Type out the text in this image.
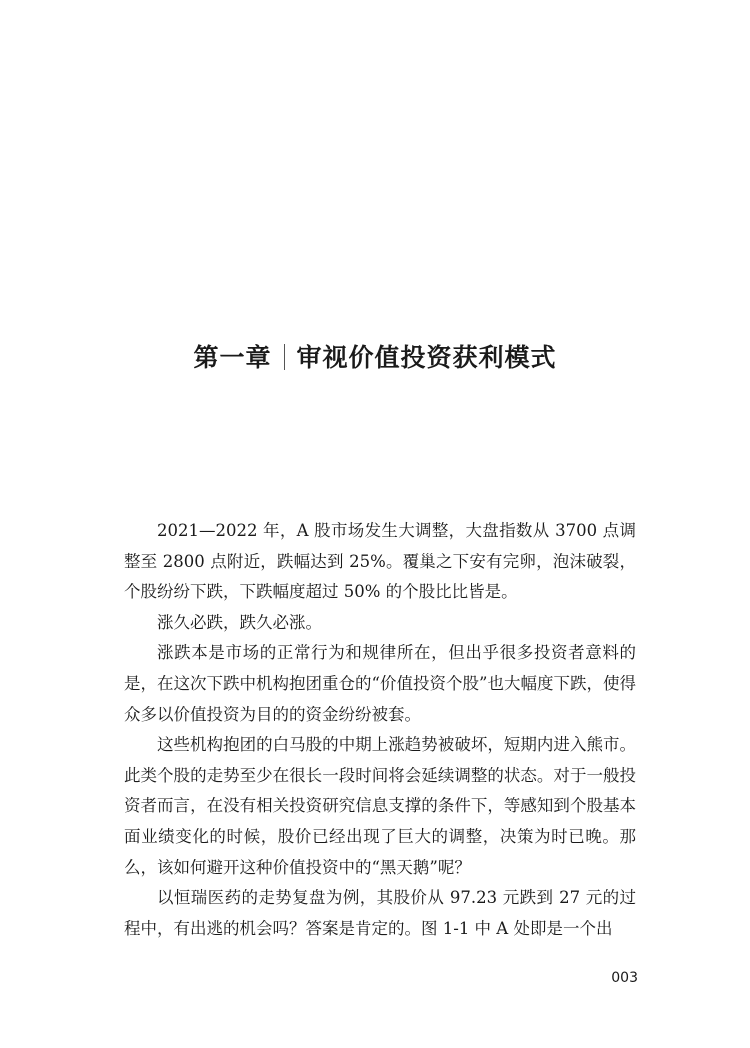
第一章 审视价值投资获利模式

2021—2022 年，A 股市场发生大调整，大盘指数从 3700 点调整至 2800 点附近，跌幅达到 25%。覆巢之下安有完卵，泡沫破裂，个股纷纷下跌，下跌幅度超过 50% 的个股比比皆是。

涨久必跌，跌久必涨。

涨跌本是市场的正常行为和规律所在，但出乎很多投资者意料的是，在这次下跌中机构抱团重仓的“价值投资个股”也大幅度下跌，使得众多以价值投资为目的的资金纷纷被套。

这些机构抱团的白马股的中期上涨趋势被破坏，短期内进入熊市。此类个股的走势至少在很长一段时间将会延续调整的状态。对于一般投资者而言，在没有相关投资研究信息支撑的条件下，等感知到个股基本面业绩变化的时候，股价已经出现了巨大的调整，决策为时已晚。那么，该如何避开这种价值投资中的“黑天鹅”呢？

以恒瑞医药的走势复盘为例，其股价从 97.23 元跌到 27 元的过程中，有出逃的机会吗？答案是肯定的。图 1-1 中 A 处即是一个出

003
